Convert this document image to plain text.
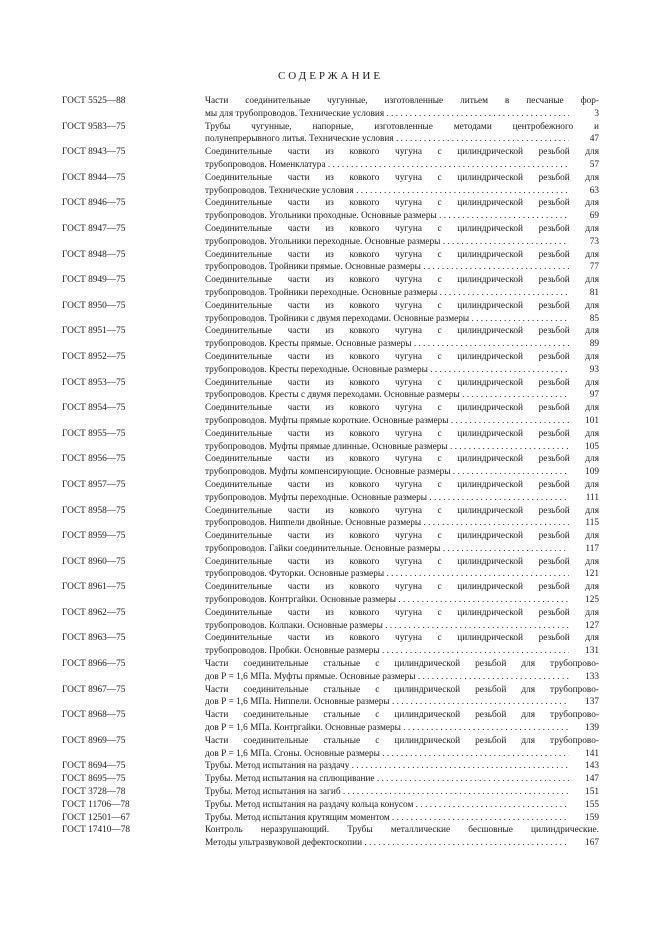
СОДЕРЖАНИЕ
ГОСТ 5525—88	Части соединительные чугунные, изготовленные литьем в песчаные фор-
мы для трубопроводов. Технические условия . . .	3
ГОСТ 9583—75	Трубы чугунные, напорные, изготовленные методами центробежного и
полунепрерывного литья. Технические условия . . .	47
ГОСТ 8943—75	Соединительные части из ковкого чугуна с цилиндрической резьбой для
трубопроводов. Номенклатура . . .	57
ГОСТ 8944—75	Соединительные части из ковкого чугуна с цилиндрической резьбой для
трубопроводов. Технические условия . . .	63
ГОСТ 8946—75	Соединительные части из ковкого чугуна с цилиндрической резьбой для
трубопроводов. Угольники проходные. Основные размеры . . .	69
ГОСТ 8947—75	Соединительные части из ковкого чугуна с цилиндрической резьбой для
трубопроводов. Угольники переходные. Основные размеры . . .	73
ГОСТ 8948—75	Соединительные части из ковкого чугуна с цилиндрической резьбой для
трубопроводов. Тройники прямые. Основные размеры . . .	77
ГОСТ 8949—75	Соединительные части из ковкого чугуна с цилиндрической резьбой для
трубопроводов. Тройники переходные. Основные размеры . . .	81
ГОСТ 8950—75	Соединительные части из ковкого чугуна с цилиндрической резьбой для
трубопроводов. Тройники с двумя переходами. Основные размеры . . .	85
ГОСТ 8951—75	Соединительные части из ковкого чугуна с цилиндрической резьбой для
трубопроводов. Кресты прямые. Основные размеры . . .	89
ГОСТ 8952—75	Соединительные части из ковкого чугуна с цилиндрической резьбой для
трубопроводов. Кресты переходные. Основные размеры . . .	93
ГОСТ 8953—75	Соединительные части из ковкого чугуна с цилиндрической резьбой для
трубопроводов. Кресты с двумя переходами. Основные размеры . . .	97
ГОСТ 8954—75	Соединительные части из ковкого чугуна с цилиндрической резьбой для
трубопроводов. Муфты прямые короткие. Основные размеры . . .	101
ГОСТ 8955—75	Соединительные части из ковкого чугуна с цилиндрической резьбой для
трубопроводов. Муфты прямые длинные. Основные размеры . . .	105
ГОСТ 8956—75	Соединительные части из ковкого чугуна с цилиндрической резьбой для
трубопроводов. Муфты компенсирующие. Основные размеры . . .	109
ГОСТ 8957—75	Соединительные части из ковкого чугуна с цилиндрической резьбой для
трубопроводов. Муфты переходные. Основные размеры . . .	111
ГОСТ 8958—75	Соединительные части из ковкого чугуна с цилиндрической резьбой для
трубопроводов. Ниппели двойные. Основные размеры . . .	115
ГОСТ 8959—75	Соединительные части из ковкого чугуна с цилиндрической резьбой для
трубопроводов. Гайки соединительные. Основные размеры . . .	117
ГОСТ 8960—75	Соединительные части из ковкого чугуна с цилиндрической резьбой для
трубопроводов. Футорки. Основные размеры . . .	121
ГОСТ 8961—75	Соединительные части из ковкого чугуна с цилиндрической резьбой для
трубопроводов. Контргайки. Основные размеры . . .	125
ГОСТ 8962—75	Соединительные части из ковкого чугуна с цилиндрической резьбой для
трубопроводов. Колпаки. Основные размеры . . .	127
ГОСТ 8963—75	Соединительные части из ковкого чугуна с цилиндрической резьбой для
трубопроводов. Пробки. Основные размеры . . .	131
ГОСТ 8966—75	Части соединительные стальные с цилиндрической резьбой для трубопрово-
дов Р = 1,6 МПа. Муфты прямые. Основные размеры . . .	133
ГОСТ 8967—75	Части соединительные стальные с цилиндрической резьбой для трубопрово-
дов Р = 1,6 МПа. Ниппели. Основные размеры . . .	137
ГОСТ 8968—75	Части соединительные стальные с цилиндрической резьбой для трубопрово-
дов Р = 1,6 МПа. Контргайки. Основные размеры . . .	139
ГОСТ 8969—75	Части соединительные стальные с цилиндрической резьбой для трубопрово-
дов Р = 1,6 МПа. Сгоны. Основные размеры . . .	141
ГОСТ 8694—75	Трубы. Метод испытания на раздачу . . .	143
ГОСТ 8695—75	Трубы. Метод испытания на сплющивание . . .	147
ГОСТ 3728—78	Трубы. Метод испытания на загиб . . .	151
ГОСТ 11706—78	Трубы. Метод испытания на раздачу кольца конусом . . .	155
ГОСТ 12501—67	Трубы. Метод испытания крутящим моментом . . .	159
ГОСТ 17410—78	Контроль неразрушающий. Трубы металлические бесшовные цилиндрические.
Методы ультразвуковой дефектоскопии . . .	167
